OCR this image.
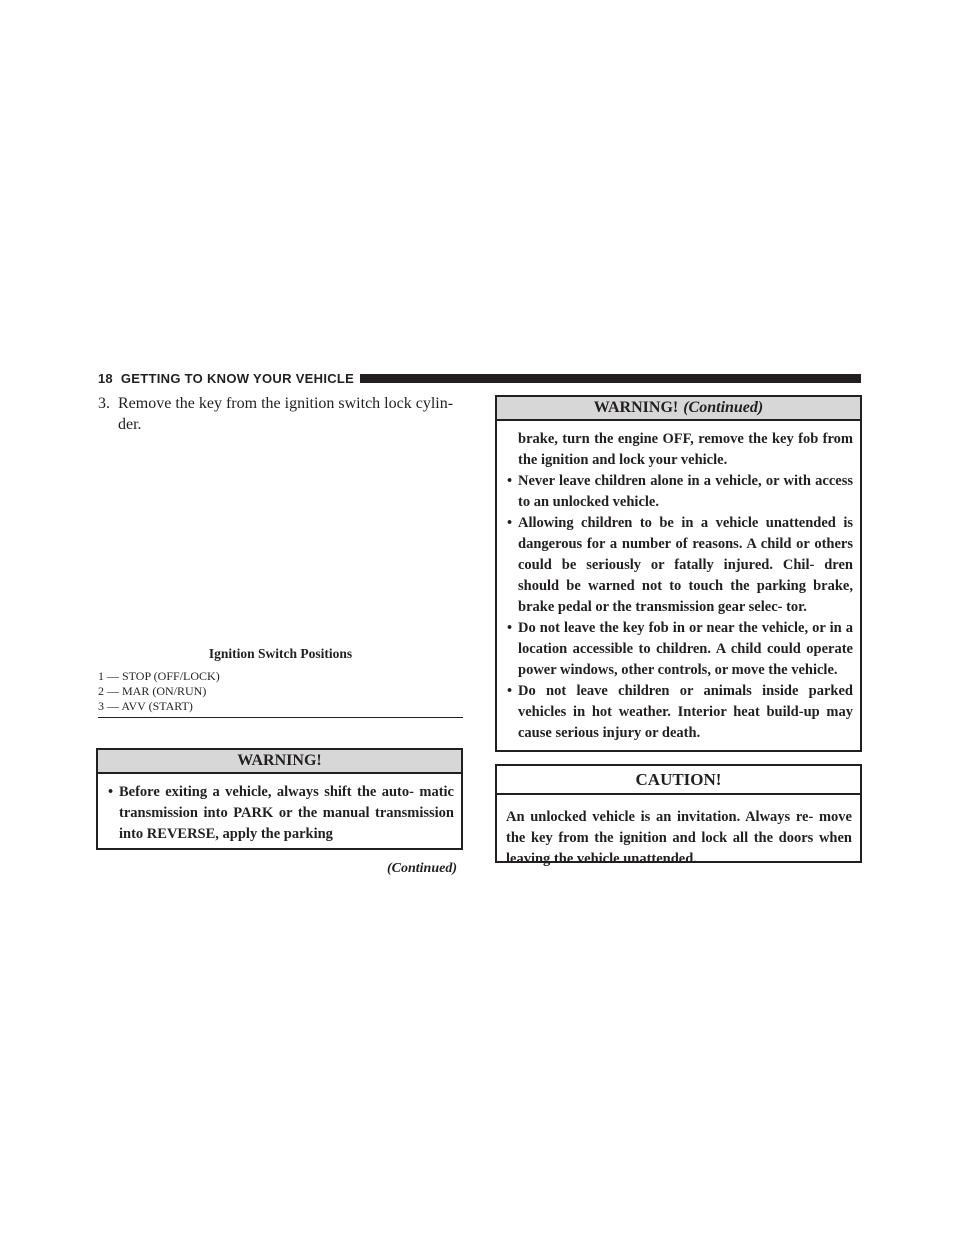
18 GETTING TO KNOW YOUR VEHICLE
3. Remove the key from the ignition switch lock cylin- der.
Ignition Switch Positions
1 — STOP (OFF/LOCK)
2 — MAR (ON/RUN)
3 — AVV (START)
WARNING!
• Before exiting a vehicle, always shift the auto- matic transmission into PARK or the manual transmission into REVERSE, apply the parking
(Continued)
WARNING! (Continued)
brake, turn the engine OFF, remove the key fob from the ignition and lock your vehicle.
• Never leave children alone in a vehicle, or with access to an unlocked vehicle.
• Allowing children to be in a vehicle unattended is dangerous for a number of reasons. A child or others could be seriously or fatally injured. Chil- dren should be warned not to touch the parking brake, brake pedal or the transmission gear selec- tor.
• Do not leave the key fob in or near the vehicle, or in a location accessible to children. A child could operate power windows, other controls, or move the vehicle.
• Do not leave children or animals inside parked vehicles in hot weather. Interior heat build-up may cause serious injury or death.
CAUTION!
An unlocked vehicle is an invitation. Always re- move the key from the ignition and lock all the doors when leaving the vehicle unattended.
